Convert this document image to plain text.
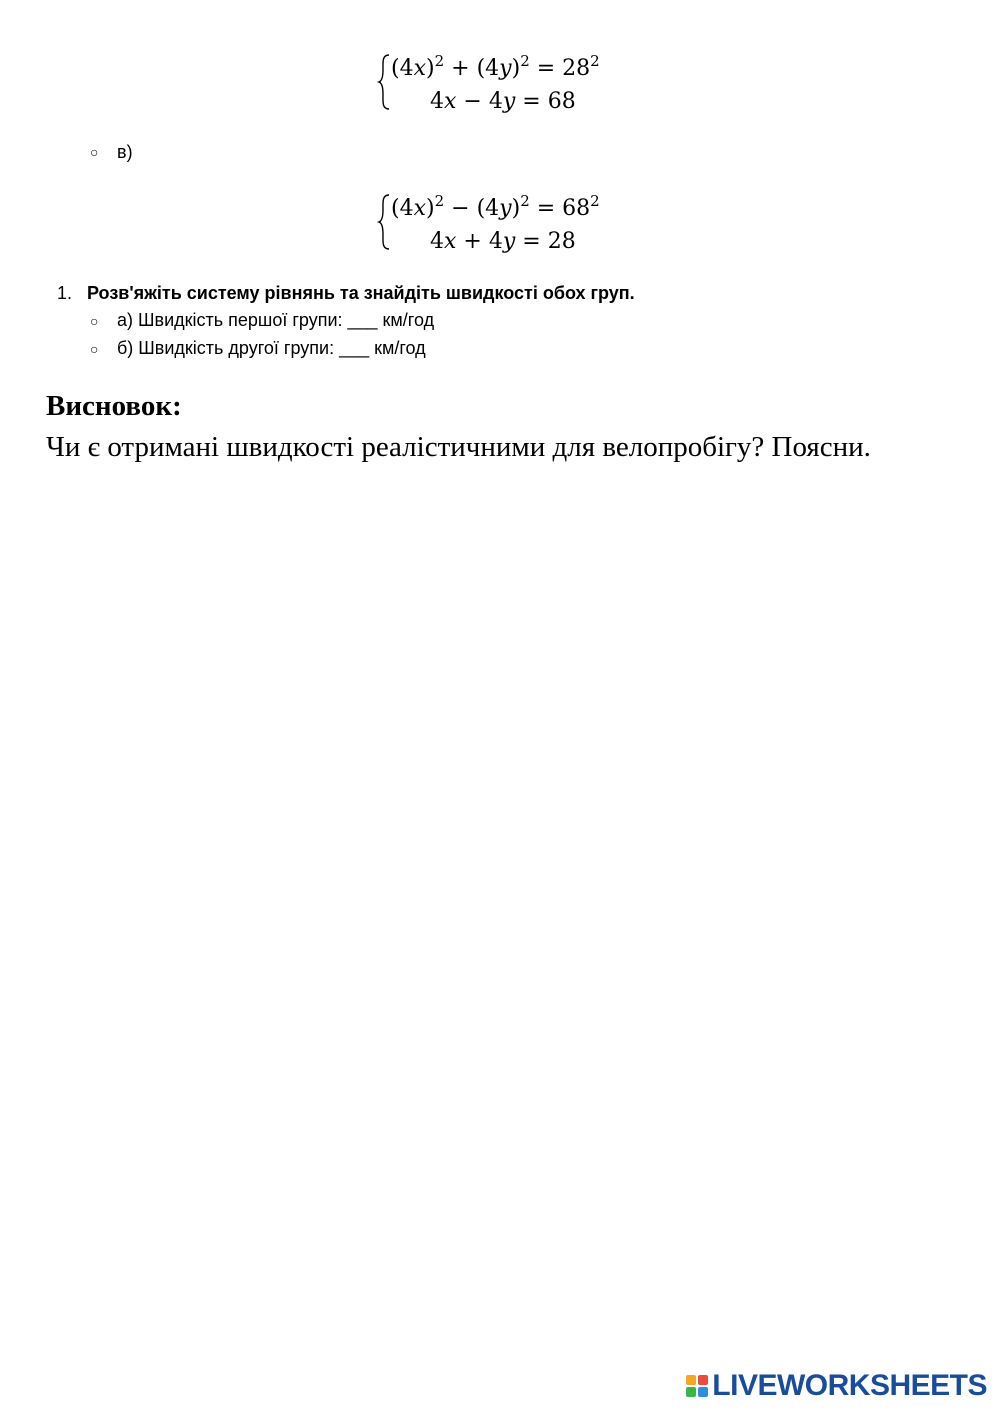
$(4x)^2 + (4y)^2 = 28^2$
4x − 4y = 68
○ в)
$(4x)^2 - (4y)^2 = 68^2$
4x + 4y = 28
1. Розв'яжіть систему рівнянь та знайдіть швидкості обох груп.
○ а) Швидкість першої групи: ___ км/год
○ б) Швидкість другої групи: ___ км/год
Висновок:
Чи є отримані швидкості реалістичними для велопробігу? Поясни.
LIVEWORKSHEETS
